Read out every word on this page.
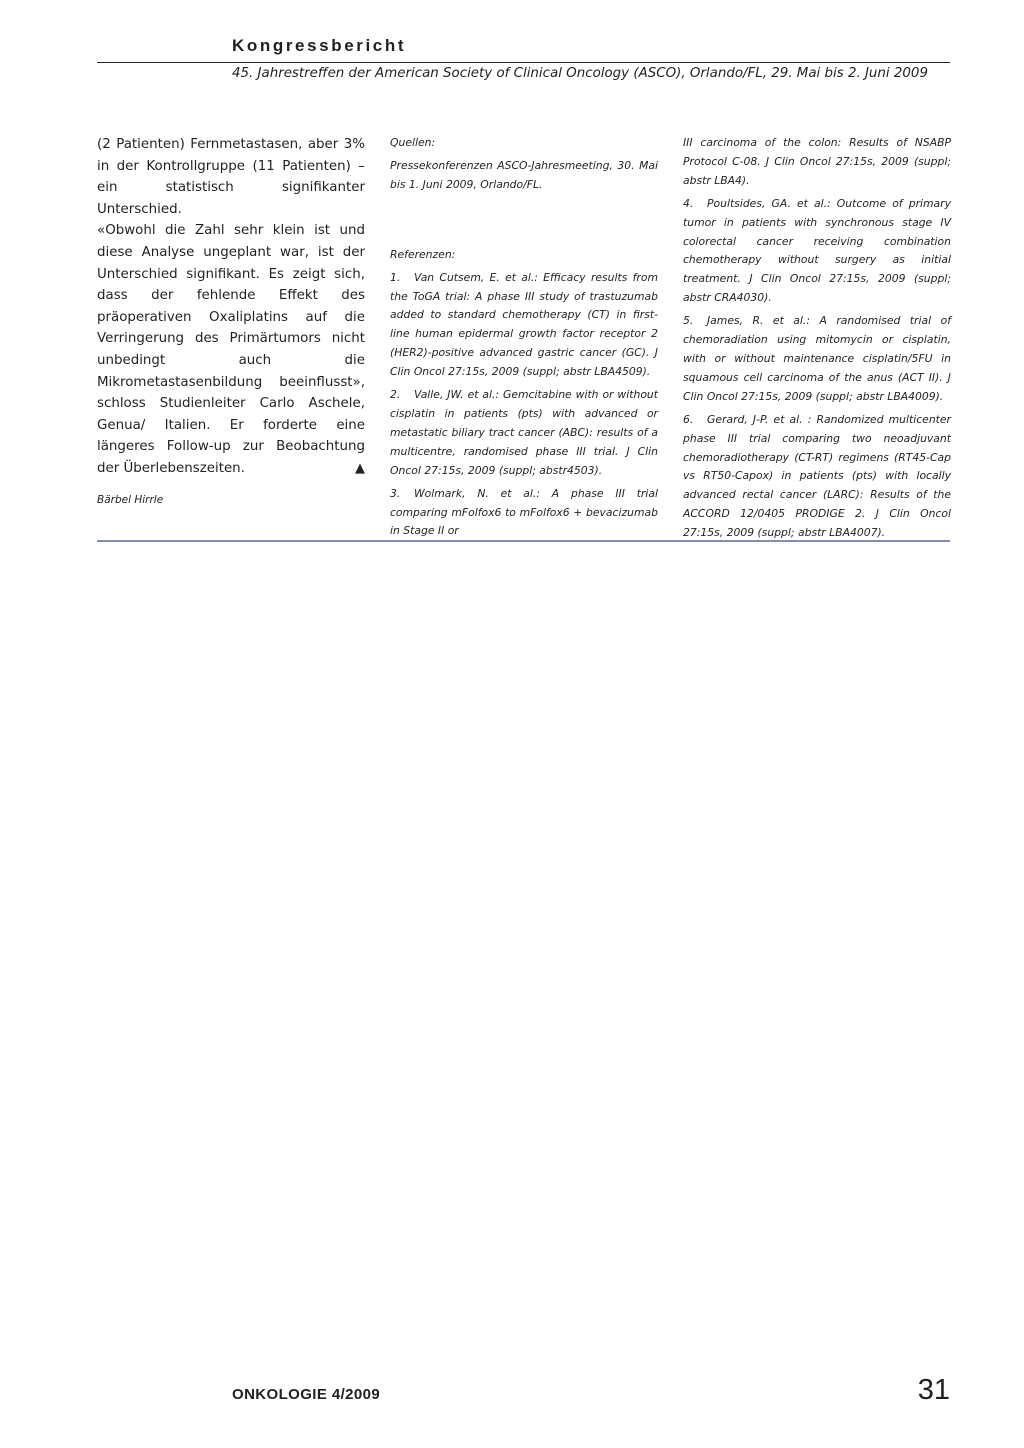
Kongressbericht
45. Jahrestreffen der American Society of Clinical Oncology (ASCO), Orlando/FL, 29. Mai bis 2. Juni 2009

(2 Patienten) Fernmetastasen, aber 3% in der Kontrollgruppe (11 Patienten) – ein statistisch signifikanter Unterschied.

«Obwohl die Zahl sehr klein ist und diese Analyse ungeplant war, ist der Unterschied signifikant. Es zeigt sich, dass der fehlende Effekt des präoperativen Oxaliplatins auf die Verringerung des Primärtumors nicht unbedingt auch die Mikrometastasenbildung beeinflusst», schloss Studienleiter Carlo Aschele, Genua/ Italien. Er forderte eine längeres Follow-up zur Beobachtung der Überlebenszeiten.	▲

Bärbel Hirrle

Quellen:

Pressekonferenzen ASCO-Jahresmeeting, 30. Mai bis 1. Juni 2009, Orlando/FL.

Referenzen:

1. Van Cutsem, E. et al.: Efficacy results from the ToGA trial: A phase III study of trastuzumab added to standard chemotherapy (CT) in first-line human epidermal growth factor receptor 2 (HER2)-positive advanced gastric cancer (GC). J Clin Oncol 27:15s, 2009 (suppl; abstr LBA4509).

2. Valle, JW. et al.: Gemcitabine with or without cisplatin in patients (pts) with advanced or metastatic biliary tract cancer (ABC): results of a multicentre, randomised phase III trial. J Clin Oncol 27:15s, 2009 (suppl; abstr4503).

3. Wolmark, N. et al.: A phase III trial comparing mFolfox6 to mFolfox6 + bevacizumab in Stage II or

III carcinoma of the colon: Results of NSABP Protocol C-08. J Clin Oncol 27:15s, 2009 (suppl; abstr LBA4).

4. Poultsides, GA. et al.: Outcome of primary tumor in patients with synchronous stage IV colorectal cancer receiving combination chemotherapy without surgery as initial treatment. J Clin Oncol 27:15s, 2009 (suppl; abstr CRA4030).

5. James, R. et al.: A randomised trial of chemoradiation using mitomycin or cisplatin, with or without maintenance cisplatin/5FU in squamous cell carcinoma of the anus (ACT II). J Clin Oncol 27:15s, 2009 (suppl; abstr LBA4009).

6. Gerard, J-P. et al. : Randomized multicenter phase III trial comparing two neoadjuvant chemoradiotherapy (CT-RT) regimens (RT45-Cap vs RT50-Capox) in patients (pts) with locally advanced rectal cancer (LARC): Results of the ACCORD 12/0405 PRODIGE 2. J Clin Oncol 27:15s, 2009 (suppl; abstr LBA4007).

ONKOLOGIE 4/2009	31
